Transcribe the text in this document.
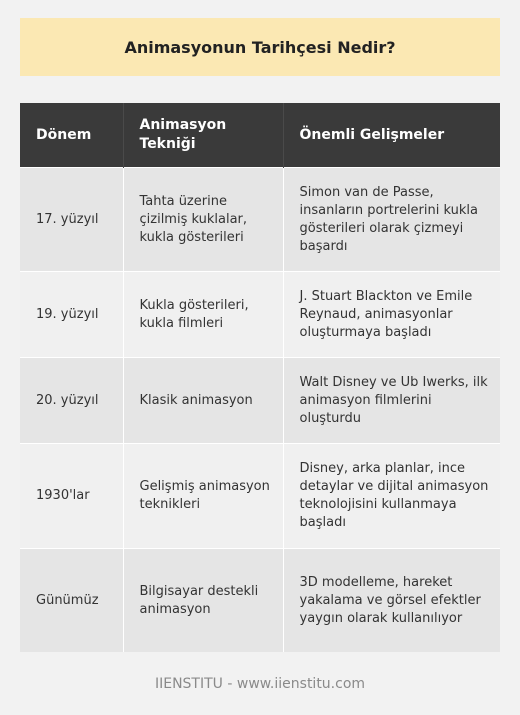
Animasyonun Tarihçesi Nedir?
Dönem	Animasyon Tekniği	Önemli Gelişmeler
17. yüzyıl	Tahta üzerine çizilmiş kuklalar, kukla gösterileri	Simon van de Passe, insanların portrelerini kukla gösterileri olarak çizmeyi başardı
19. yüzyıl	Kukla gösterileri, kukla filmleri	J. Stuart Blackton ve Emile Reynaud, animasyonlar oluşturmaya başladı
20. yüzyıl	Klasik animasyon	Walt Disney ve Ub Iwerks, ilk animasyon filmlerini oluşturdu
1930'lar	Gelişmiş animasyon teknikleri	Disney, arka planlar, ince detaylar ve dijital animasyon teknolojisini kullanmaya başladı
Günümüz	Bilgisayar destekli animasyon	3D modelleme, hareket yakalama ve görsel efektler yaygın olarak kullanılıyor
IIENSTITU - www.iienstitu.com
